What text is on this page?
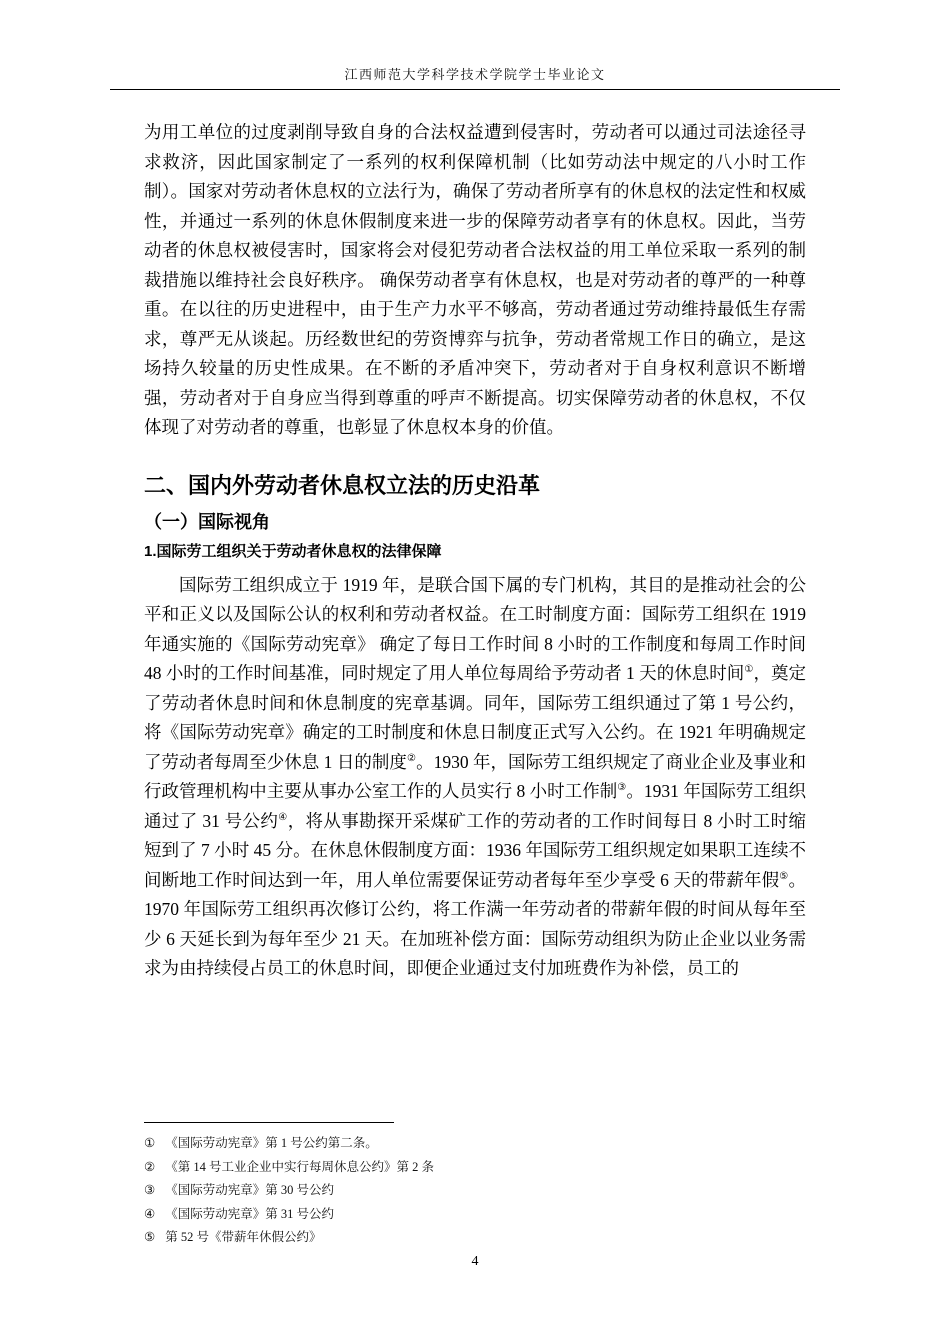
江西师范大学科学技术学院学士毕业论文

为用工单位的过度剥削导致自身的合法权益遭到侵害时，劳动者可以通过司法途径寻求救济，因此国家制定了一系列的权利保障机制（比如劳动法中规定的八小时工作制）。国家对劳动者休息权的立法行为，确保了劳动者所享有的休息权的法定性和权威性，并通过一系列的休息休假制度来进一步的保障劳动者享有的休息权。因此，当劳动者的休息权被侵害时，国家将会对侵犯劳动者合法权益的用工单位采取一系列的制裁措施以维持社会良好秩序。 确保劳动者享有休息权，也是对劳动者的尊严的一种尊重。在以往的历史进程中，由于生产力水平不够高，劳动者通过劳动维持最低生存需求，尊严无从谈起。历经数世纪的劳资博弈与抗争，劳动者常规工作日的确立，是这场持久较量的历史性成果。在不断的矛盾冲突下，劳动者对于自身权利意识不断增强，劳动者对于自身应当得到尊重的呼声不断提高。切实保障劳动者的休息权，不仅体现了对劳动者的尊重，也彰显了休息权本身的价值。

二、国内外劳动者休息权立法的历史沿革
（一）国际视角
1.国际劳工组织关于劳动者休息权的法律保障

国际劳工组织成立于 1919 年，是联合国下属的专门机构，其目的是推动社会的公平和正义以及国际公认的权利和劳动者权益。在工时制度方面：国际劳工组织在 1919 年通实施的《国际劳动宪章》 确定了每日工作时间 8 小时的工作制度和每周工作时间 48 小时的工作时间基准，同时规定了用人单位每周给予劳动者 1 天的休息时间①，奠定了劳动者休息时间和休息制度的宪章基调。同年，国际劳工组织通过了第 1 号公约，将《国际劳动宪章》确定的工时制度和休息日制度正式写入公约。在 1921 年明确规定了劳动者每周至少休息 1 日的制度②。1930 年，国际劳工组织规定了商业企业及事业和行政管理机构中主要从事办公室工作的人员实行 8 小时工作制③。1931 年国际劳工组织通过了 31 号公约④，将从事勘探开采煤矿工作的劳动者的工作时间每日 8 小时工时缩短到了 7 小时 45 分。在休息休假制度方面：1936 年国际劳工组织规定如果职工连续不间断地工作时间达到一年，用人单位需要保证劳动者每年至少享受 6 天的带薪年假⑤。1970 年国际劳工组织再次修订公约，将工作满一年劳动者的带薪年假的时间从每年至少 6 天延长到为每年至少 21 天。在加班补偿方面：国际劳动组织为防止企业以业务需求为由持续侵占员工的休息时间，即便企业通过支付加班费作为补偿，员工的

① 《国际劳动宪章》第 1 号公约第二条。
② 《第 14 号工业企业中实行每周休息公约》第 2 条
③ 《国际劳动宪章》第 30 号公约
④ 《国际劳动宪章》第 31 号公约
⑤ 第 52 号《带薪年休假公约》
4
